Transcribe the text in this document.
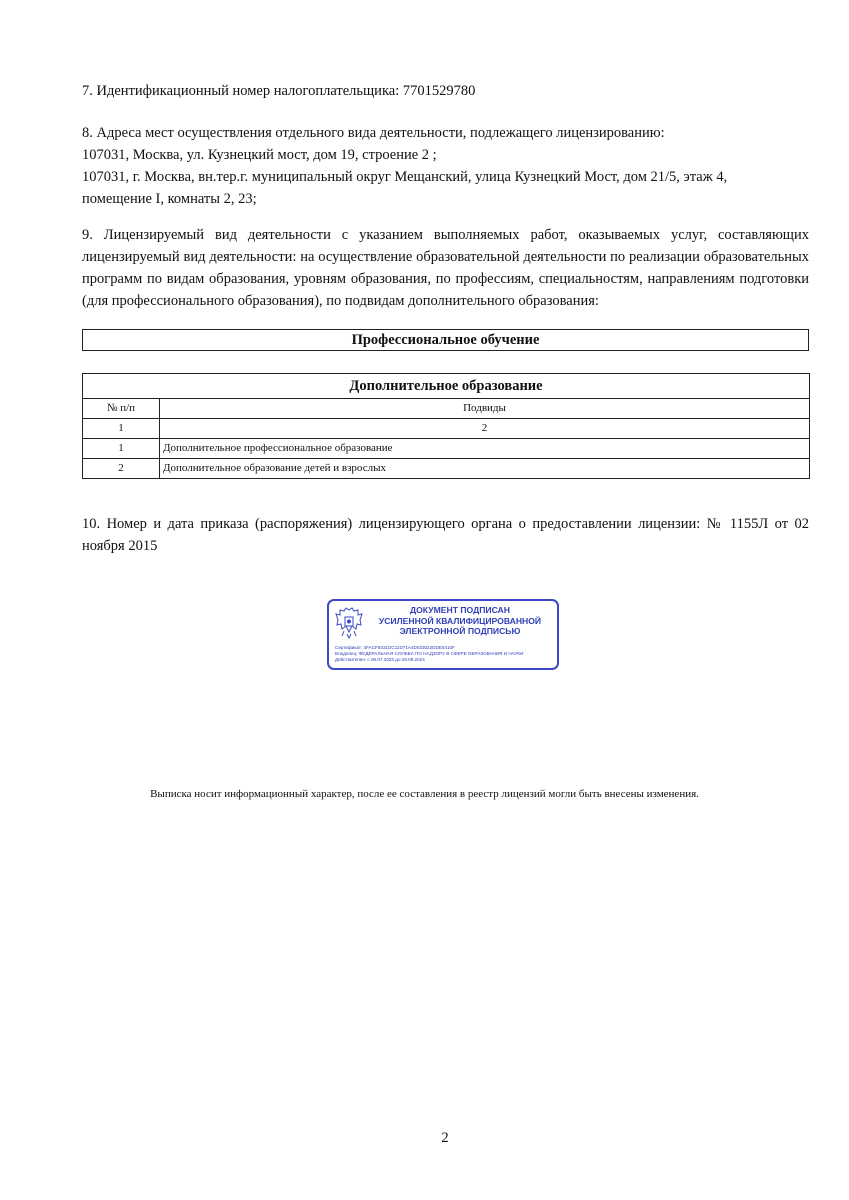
7. Идентификационный номер налогоплательщика: 7701529780
8. Адреса мест осуществления отдельного вида деятельности, подлежащего лицензированию:
107031, Москва, ул. Кузнецкий мост, дом 19, строение 2 ;
107031, г. Москва, вн.тер.г. муниципальный округ Мещанский, улица Кузнецкий Мост, дом 21/5, этаж 4,
помещение I, комнаты 2, 23;
9. Лицензируемый вид деятельности с указанием выполняемых работ, оказываемых услуг, составляющих лицензируемый вид деятельности: на осуществление образовательной деятельности по реализации образовательных программ по видам образования, уровням образования, по профессиям, специальностям, направлениям подготовки (для профессионального образования), по подвидам дополнительного образования:
Профессиональное обучение
Дополнительное образование	
№ п/п	Подвиды
1	2
1	Дополнительное профессиональное образование
2	Дополнительное образование детей и взрослых
10. Номер и дата приказа (распоряжения) лицензирующего органа о предоставлении лицензии: № 1155Л от 02 ноября 2015
ДОКУМЕНТ ПОДПИСАН
УСИЛЕННОЙ КВАЛИФИЦИРОВАННОЙ
ЭЛЕКТРОННОЙ ПОДПИСЬЮ
Сертификат: 4FACF9331DC11D71A4D033022DDE5410F
Владелец: ФЕДЕРАЛЬНАЯ СЛУЖБА ПО НАДЗОРУ В СФЕРЕ ОБРАЗОВАНИЯ И НАУКИ
Действителен: с 06.07.2023 до 28.09.2024
Выписка носит информационный характер, после ее составления в реестр лицензий могли быть внесены изменения.
2
